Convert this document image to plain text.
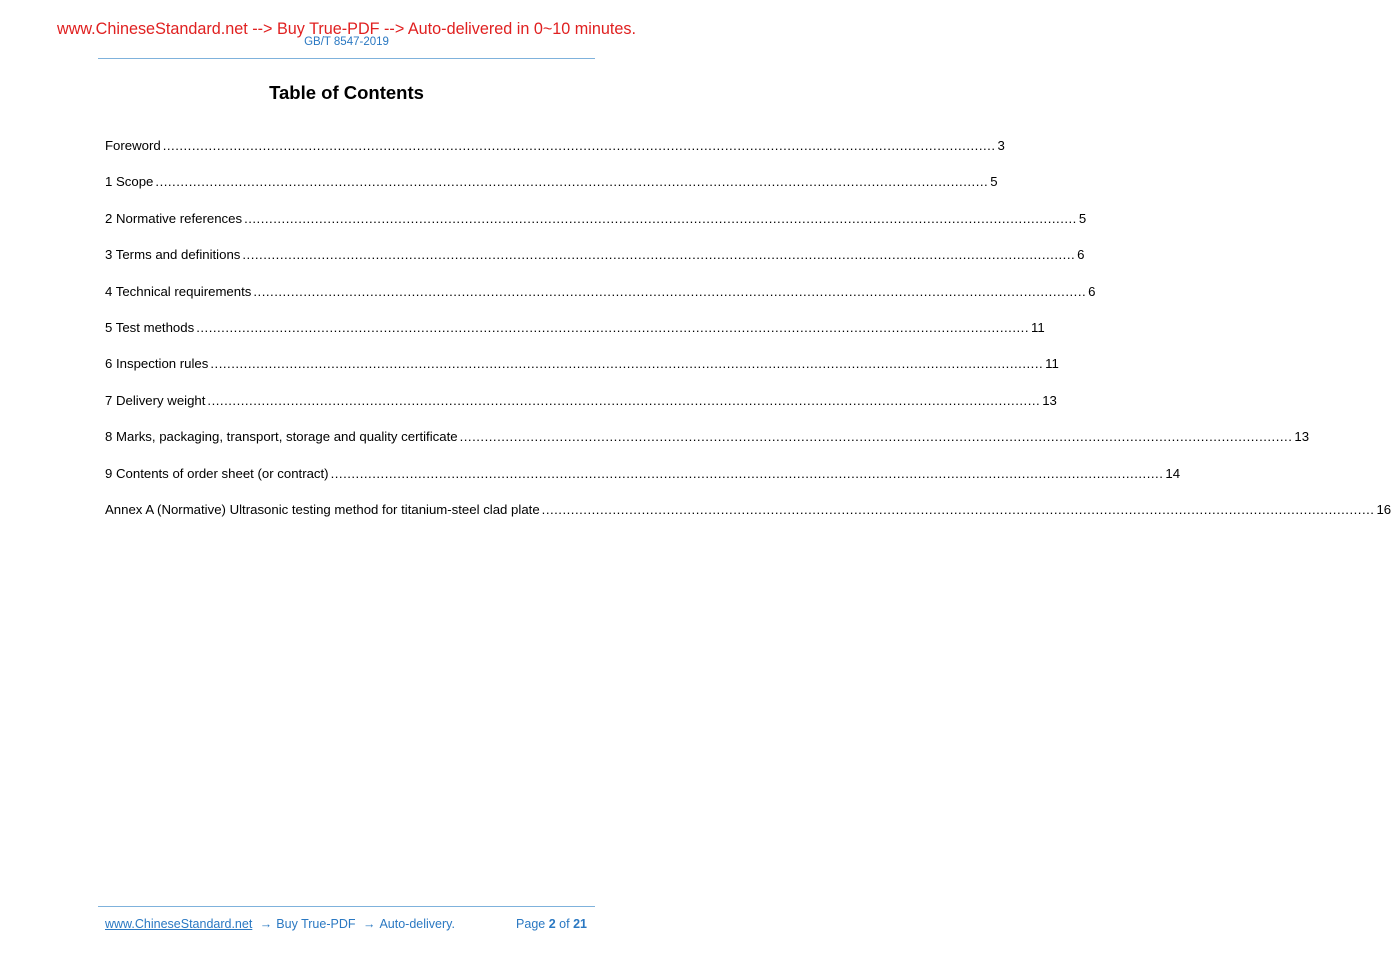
www.ChineseStandard.net --> Buy True-PDF --> Auto-delivered in 0~10 minutes.
GB/T 8547-2019
Table of Contents
Foreword ........................................................................................................................................................................................................ 3
1 Scope ........................................................................................................................................................................................................ 5
2 Normative references ........................................................................................................................................................................................................ 5
3 Terms and definitions ........................................................................................................................................................................................................ 6
4 Technical requirements ........................................................................................................................................................................................................ 6
5 Test methods ........................................................................................................................................................................................................ 11
6 Inspection rules ........................................................................................................................................................................................................ 11
7 Delivery weight ........................................................................................................................................................................................................ 13
8 Marks, packaging, transport, storage and quality certificate ........................................................................................................................................................................................................ 13
9 Contents of order sheet (or contract) ........................................................................................................................................................................................................ 14
Annex A (Normative) Ultrasonic testing method for titanium-steel clad plate ........................................................................................................................................................................................................ 16
www.ChineseStandard.net → Buy True-PDF → Auto-delivery.	Page 2 of 21
